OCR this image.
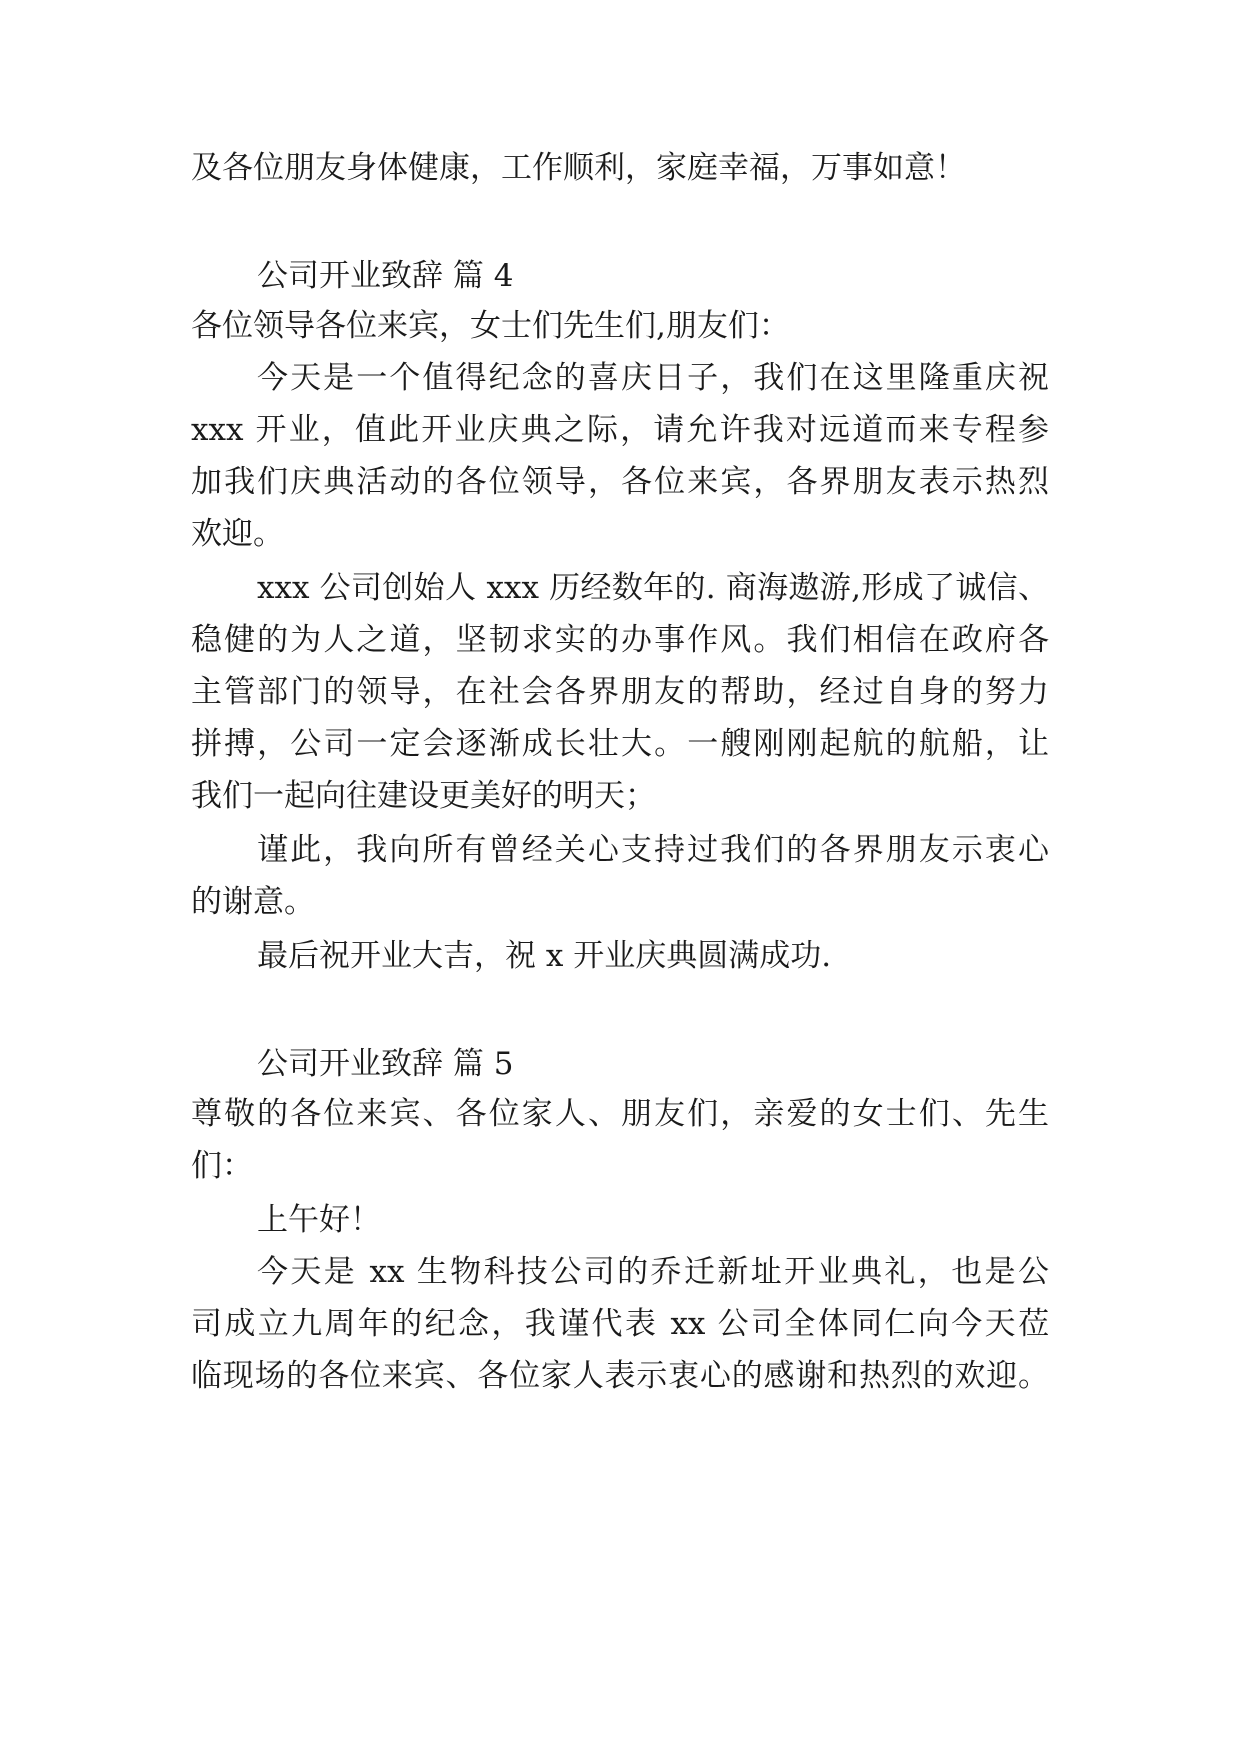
及各位朋友身体健康，工作顺利，家庭幸福，万事如意！
公司开业致辞 篇 4
各位领导各位来宾，女士们先生们,朋友们：
今天是一个值得纪念的喜庆日子，我们在这里隆重庆祝
xxx 开业，值此开业庆典之际，请允许我对远道而来专程参
加我们庆典活动的各位领导，各位来宾，各界朋友表示热烈
欢迎。
xxx 公司创始人 xxx 历经数年的. 商海遨游,形成了诚信、
稳健的为人之道，坚韧求实的办事作风。我们相信在政府各
主管部门的领导，在社会各界朋友的帮助，经过自身的努力
拼搏，公司一定会逐渐成长壮大。一艘刚刚起航的航船，让
我们一起向往建设更美好的明天；
谨此，我向所有曾经关心支持过我们的各界朋友示衷心
的谢意。
最后祝开业大吉，祝 x 开业庆典圆满成功.
公司开业致辞 篇 5
尊敬的各位来宾、各位家人、朋友们，亲爱的女士们、先生
们：
上午好！
今天是 xx 生物科技公司的乔迁新址开业典礼，也是公
司成立九周年的纪念，我谨代表 xx 公司全体同仁向今天莅
临现场的各位来宾、各位家人表示衷心的感谢和热烈的欢迎。
